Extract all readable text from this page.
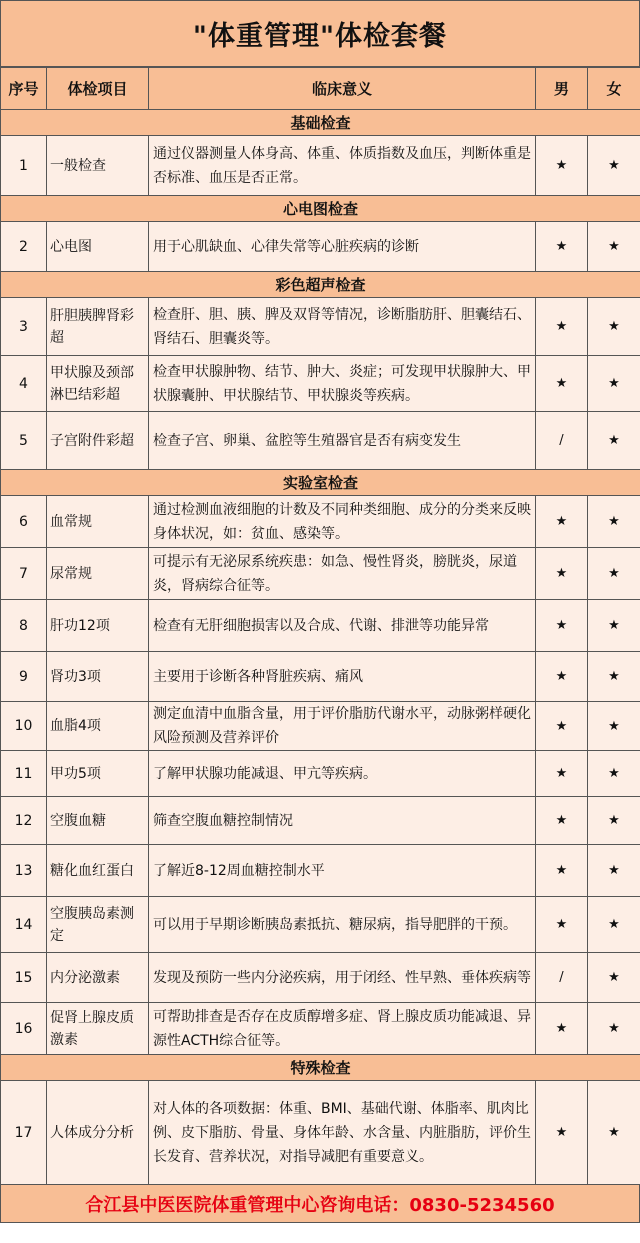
"体重管理"体检套餐
序号	体检项目	临床意义	男	女
基础检查				
1	一般检查	通过仪器测量人体身高、体重、体质指数及血压，判断体重是否标准、血压是否正常。	★	★
心电图检查				
2	心电图	用于心肌缺血、心律失常等心脏疾病的诊断	★	★
彩色超声检查				
3	肝胆胰脾肾彩超	检查肝、胆、胰、脾及双肾等情况，诊断脂肪肝、胆囊结石、肾结石、胆囊炎等。	★	★
4	甲状腺及颈部淋巴结彩超	检查甲状腺肿物、结节、肿大、炎症；可发现甲状腺肿大、甲状腺囊肿、甲状腺结节、甲状腺炎等疾病。	★	★
5	子宫附件彩超	检查子宫、卵巢、盆腔等生殖器官是否有病变发生	/	★
实验室检查				
6	血常规	通过检测血液细胞的计数及不同种类细胞、成分的分类来反映身体状况，如：贫血、感染等。	★	★
7	尿常规	可提示有无泌尿系统疾患：如急、慢性肾炎，膀胱炎，尿道炎，肾病综合征等。	★	★
8	肝功12项	检查有无肝细胞损害以及合成、代谢、排泄等功能异常	★	★
9	肾功3项	主要用于诊断各种肾脏疾病、痛风	★	★
10	血脂4项	测定血清中血脂含量，用于评价脂肪代谢水平，动脉粥样硬化风险预测及营养评价	★	★
11	甲功5项	了解甲状腺功能减退、甲亢等疾病。	★	★
12	空腹血糖	筛查空腹血糖控制情况	★	★
13	糖化血红蛋白	了解近8-12周血糖控制水平	★	★
14	空腹胰岛素测定	可以用于早期诊断胰岛素抵抗、糖尿病，指导肥胖的干预。	★	★
15	内分泌激素	发现及预防一些内分泌疾病，用于闭经、性早熟、垂体疾病等	/	★
16	促肾上腺皮质激素	可帮助排查是否存在皮质醇增多症、肾上腺皮质功能减退、异源性ACTH综合征等。	★	★
特殊检查				
17	人体成分分析	对人体的各项数据：体重、BMI、基础代谢、体脂率、肌肉比例、皮下脂肪、骨量、身体年龄、水含量、内脏脂肪，评价生长发育、营养状况，对指导减肥有重要意义。	★	★
合江县中医医院体重管理中心咨询电话：0830-5234560
